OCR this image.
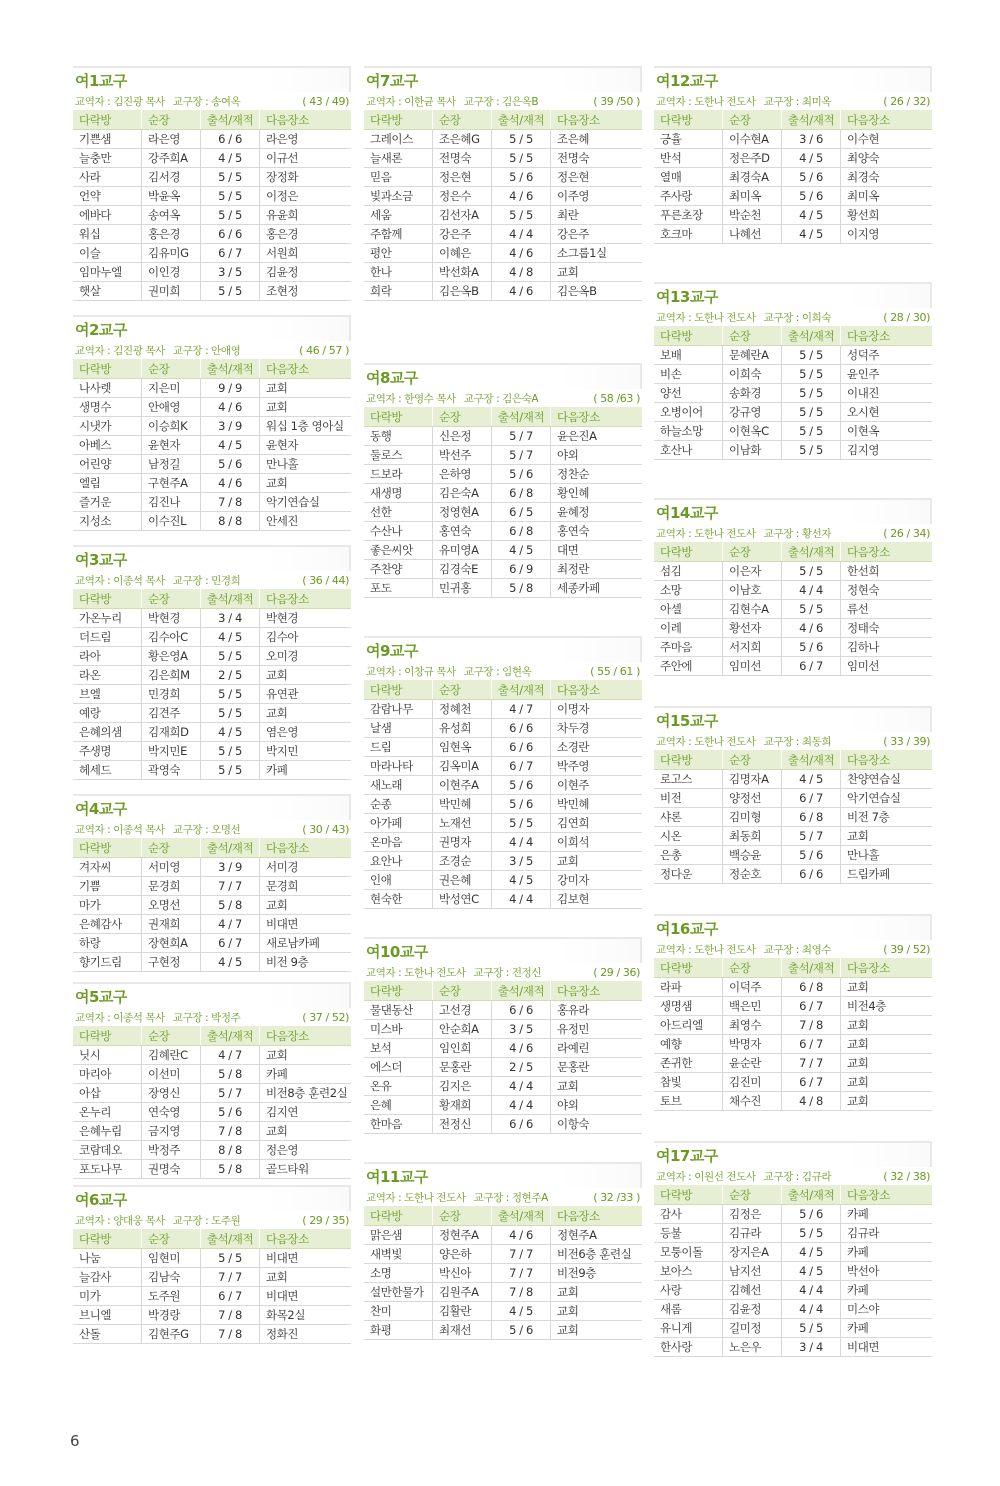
여1교구
교역자 : 김진광 목사 교구장 : 송여옥	( 43 / 49)
다락방	순장	출석/재적	다음장소
기쁜샘	라은영	6 / 6	라은영
늘충만	강주희A	4 / 5	이규선
사라	김서경	5 / 5	장정화
언약	박윤옥	5 / 5	이정은
에바다	송여옥	5 / 5	유윤희
워십	홍은경	6 / 6	홍은경
이슬	김유미G	6 / 7	서원희
임마누엘	이인경	3 / 5	김윤정
햇살	권미희	5 / 5	조현정
여2교구
교역자 : 김진광 목사 교구장 : 안애영	( 46 / 57 )
다락방	순장	출석/재적	다음장소
나사렛	지은미	9 / 9	교회
생명수	안애영	4 / 6	교회
시냇가	이승희K	3 / 9	워십 1층 영아실
아베스	윤현자	4 / 5	윤현자
어린양	남정길	5 / 6	만나홀
엘림	구현주A	4 / 6	교회
즐거운	김진나	7 / 8	악기연습실
지성소	이수진L	8 / 8	안세진
여3교구
교역자 : 이종석 목사 교구장 : 민경희	( 36 / 44)
다락방	순장	출석/재적	다음장소
가온누리	박현경	3 / 4	박현경
더드림	김수아C	4 / 5	김수아
라아	황은영A	5 / 5	오미경
라온	김은희M	2 / 5	교회
브엘	민경희	5 / 5	유연관
예랑	김견주	5 / 5	교회
은혜의샘	김재희D	4 / 5	염은영
주생명	박지민E	5 / 5	박지민
헤세드	곽영숙	5 / 5	카페
여4교구
교역자 : 이종석 목사 교구장 : 오명선	( 30 / 43)
다락방	순장	출석/재적	다음장소
겨자씨	서미영	3 / 9	서미경
기쁨	문경희	7 / 7	문경희
마가	오명선	5 / 8	교회
은혜감사	권재희	4 / 7	비대면
하랑	장현희A	6 / 7	새로남카페
향기드림	구현정	4 / 5	비전 9층
여5교구
교역자 : 이종석 목사 교구장 : 박정주	( 37 / 52)
다락방	순장	출석/재적	다음장소
닛시	김혜란C	4 / 7	교회
마리아	이선미	5 / 8	카페
아삽	장영신	5 / 7	비전8층 훈련2실
온누리	연숙영	5 / 6	김지연
은혜누림	금지영	7 / 8	교회
코람데오	박정주	8 / 8	정은영
포도나무	권명숙	5 / 8	골드타워
여6교구
교역자 : 양대웅 목사 교구장 : 도주원	( 29 / 35)
다락방	순장	출석/재적	다음장소
나눔	임현미	5 / 5	비대면
늘감사	김남숙	7 / 7	교회
미가	도주원	6 / 7	비대면
브니엘	박경랑	7 / 8	화목2실
산돌	김현주G	7 / 8	정화진
여7교구
교역자 : 이한균 목사 교구장 : 김은옥B	( 39 /50 )
다락방	순장	출석/재적	다음장소
그레이스	조은혜G	5 / 5	조은혜
늘새론	전명숙	5 / 5	전명숙
믿음	정은현	5 / 6	정은현
빛과소금	정은수	4 / 6	이주영
세움	김선자A	5 / 5	최란
주함께	강은주	4 / 4	강은주
평안	이혜은	4 / 6	소그룹1실
한나	박선화A	4 / 8	교회
희락	김은옥B	4 / 6	김은옥B
여8교구
교역자 : 한영수 목사 교구장 : 김은숙A	( 58 /63 )
다락방	순장	출석/재적	다음장소
동행	신은정	5 / 7	윤은진A
둘로스	박선주	5 / 7	야외
드보라	은하영	5 / 6	정찬순
새생명	김은숙A	6 / 8	황인혜
선한	정영현A	6 / 5	윤혜정
수산나	홍연숙	6 / 8	홍연숙
좋은씨앗	유미영A	4 / 5	대면
주찬양	김경숙E	6 / 9	최정란
포도	민귀홍	5 / 8	세종카페
여9교구
교역자 : 이창규 목사 교구장 : 임현옥	( 55 / 61 )
다락방	순장	출석/재적	다음장소
감람나무	정혜천	4 / 7	이명자
날샘	유성희	6 / 6	차두경
드림	임현옥	6 / 6	소경란
마라나타	김옥미A	6 / 7	박주영
새노래	이현주A	5 / 6	이현주
순종	박민혜	5 / 6	박민혜
아가페	노재선	5 / 5	김연희
온마음	권명자	4 / 4	이희석
요안나	조경순	3 / 5	교회
인애	권은혜	4 / 5	강미자
현숙한	박성연C	4 / 4	김보현
여10교구
교역자 : 도한나 전도사 교구장 : 전정신	( 29 / 36)
다락방	순장	출석/재적	다음장소
물댄동산	고선경	6 / 6	홍유라
미스바	안순희A	3 / 5	유정민
보석	임인희	4 / 6	라예린
에스더	문홍란	2 / 5	문홍란
온유	김지은	4 / 4	교회
은혜	황재희	4 / 4	야외
한마음	전정신	6 / 6	이항숙
여11교구
교역자 : 도한나 전도사 교구장 : 정현주A	( 32 /33 )
다락방	순장	출석/재적	다음장소
맑은샘	정현주A	4 / 6	정현주A
새벽빛	양은하	7 / 7	비전6층 훈련실
소명	박신아	7 / 7	비전9층
설만한물가	김원주A	7 / 8	교회
찬미	김활란	4 / 5	교회
화평	최재선	5 / 6	교회
여12교구
교역자 : 도한나 전도사 교구장 : 최미옥	( 26 / 32)
다락방	순장	출석/재적	다음장소
긍휼	이수현A	3 / 6	이수현
반석	정은주D	4 / 5	최양숙
열매	최경숙A	5 / 6	최경숙
주사랑	최미옥	5 / 6	최미옥
푸른초장	박순천	4 / 5	황선희
호크마	나혜선	4 / 5	이지영
여13교구
교역자 : 도한나 전도사 교구장 : 이희숙	( 28 / 30)
다락방	순장	출석/재적	다음장소
보배	문혜란A	5 / 5	성덕주
비손	이희숙	5 / 5	윤인주
양선	송화경	5 / 5	이내진
오병이어	강규영	5 / 5	오시현
하늘소망	이현옥C	5 / 5	이현옥
호산나	이남화	5 / 5	김지영
여14교구
교역자 : 도한나 전도사 교구장 : 황선자	( 26 / 34)
다락방	순장	출석/재적	다음장소
섬김	이은자	5 / 5	한선희
소망	이남호	4 / 4	정현숙
아셀	김현수A	5 / 5	류선
이레	황선자	4 / 6	정태숙
주마음	서지희	5 / 6	김하나
주안에	임미선	6 / 7	임미선
여15교구
교역자 : 도한나 전도사 교구장 : 최동희	( 33 / 39)
다락방	순장	출석/재적	다음장소
로고스	김명자A	4 / 5	찬양연습실
비전	양정선	6 / 7	악기연습실
샤론	김미형	6 / 8	비전 7층
시온	최동희	5 / 7	교회
은총	백승윤	5 / 6	만나홀
정다운	정순호	6 / 6	드림카페
여16교구
교역자 : 도한나 전도사 교구장 : 최영수	( 39 / 52)
다락방	순장	출석/재적	다음장소
라파	이덕주	6 / 8	교회
생명샘	백은민	6 / 7	비전4층
아드리엘	최영수	7 / 8	교회
예향	박명자	6 / 7	교회
존귀한	윤순란	7 / 7	교회
참빛	김진미	6 / 7	교회
토브	채수진	4 / 8	교회
여17교구
교역자 : 이원선 전도사 교구장 : 김규라	( 32 / 38)
다락방	순장	출석/재적	다음장소
감사	김정은	5 / 6	카페
등불	김규라	5 / 5	김규라
모퉁이돌	장지은A	4 / 5	카페
보아스	남지선	4 / 5	박선아
사랑	김혜선	4 / 4	카페
새롬	김윤정	4 / 4	미스야
유니게	길미정	5 / 5	카페
한사랑	노은우	3 / 4	비대면
6
